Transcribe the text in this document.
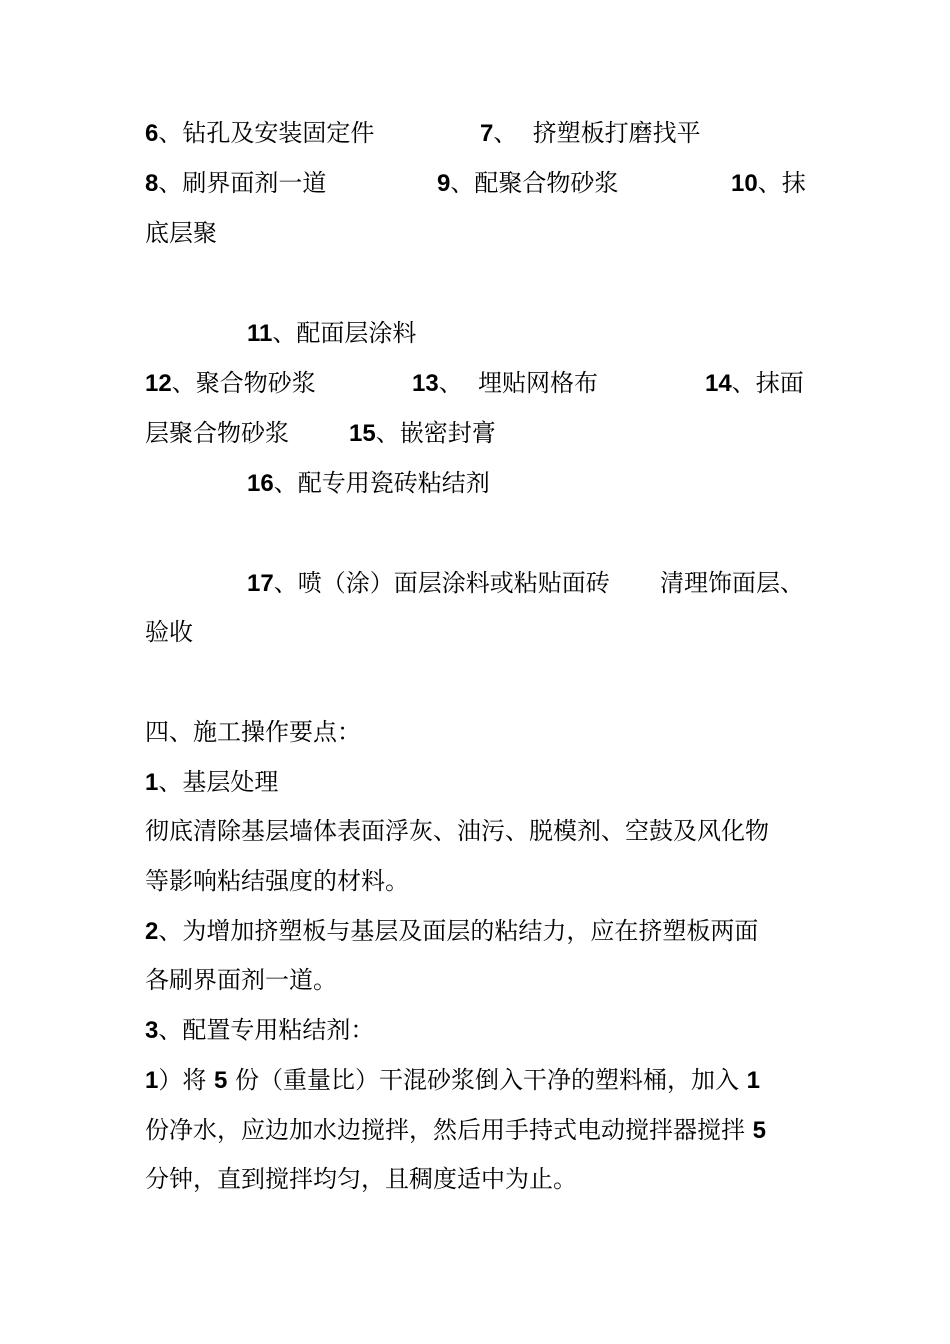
6、钻孔及安装固定件	7、  挤塑板打磨找平
8、刷界面剂一道	9、配聚合物砂浆	10、抹
底层聚
11、配面层涂料
12、聚合物砂浆	13、  埋贴网格布	14、抹面
层聚合物砂浆	15、嵌密封膏
16、配专用瓷砖粘结剂
17、喷（涂）面层涂料或粘贴面砖 清理饰面层、
验收
四、施工操作要点：
1、基层处理
彻底清除基层墙体表面浮灰、油污、脱模剂、空鼓及风化物
等影响粘结强度的材料。
2、为增加挤塑板与基层及面层的粘结力，应在挤塑板两面
各刷界面剂一道。
3、配置专用粘结剂：
1）将 5 份（重量比）干混砂浆倒入干净的塑料桶，加入 1
份净水，应边加水边搅拌，然后用手持式电动搅拌器搅拌 5
分钟，直到搅拌均匀，且稠度适中为止。
